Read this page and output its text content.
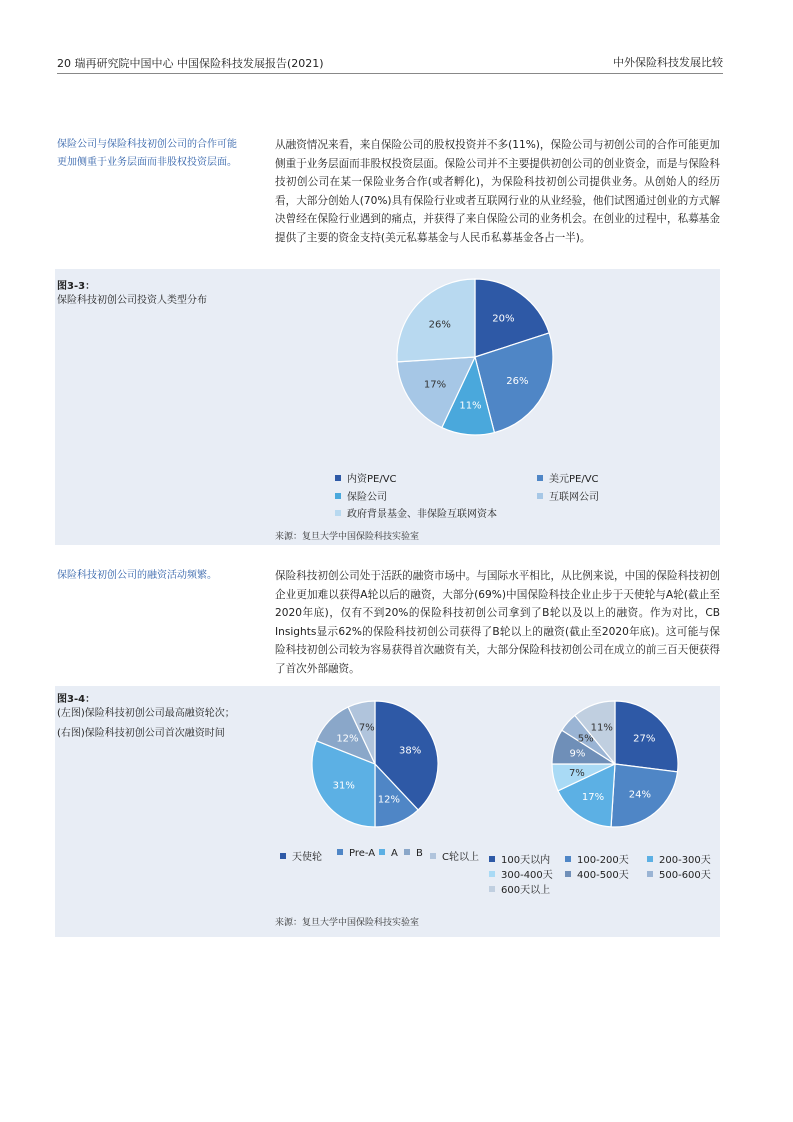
20 瑞再研究院中国中心 中国保险科技发展报告(2021)	中外保险科技发展比较
保险公司与保险科技初创公司的合作可能更加侧重于业务层面而非股权投资层面。
从融资情况来看，来自保险公司的股权投资并不多(11%)，保险公司与初创公司的合作可能更加侧重于业务层面而非股权投资层面。保险公司并不主要提供初创公司的创业资金，而是与保险科技初创公司在某一保险业务合作(或者孵化)，为保险科技初创公司提供业务。从创始人的经历看，大部分创始人(70%)具有保险行业或者互联网行业的从业经验，他们试图通过创业的方式解决曾经在保险行业遇到的痛点，并获得了来自保险公司的业务机会。在创业的过程中，私募基金提供了主要的资金支持(美元私募基金与人民币私募基金各占一半)。
图3-3：
保险科技初创公司投资人类型分布
20%
26%
11%
17%
26%
内资PE/VC	美元PE/VC
保险公司	互联网公司
政府背景基金、非保险互联网资本
来源：复旦大学中国保险科技实验室
保险科技初创公司的融资活动频繁。	保险科技初创公司处于活跃的融资市场中。与国际水平相比，从比例来说，中国的保险科技初创企业更加难以获得A轮以后的融资，大部分(69%)中国保险科技企业止步于天使轮与A轮(截止至2020年底)，仅有不到20%的保险科技初创公司拿到了B轮以及以上的融资。作为对比，CB Insights显示62%的保险科技初创公司获得了B轮以上的融资(截止至2020年底)。这可能与保险科技初创公司较为容易获得首次融资有关，大部分保险科技初创公司在成立的前三百天便获得了首次外部融资。
图3-4：
(左图)保险科技初创公司最高融资轮次；(右图)保险科技初创公司首次融资时间
38%
12%
31%
12%
7%
27%
24%
17%
7%
9%
5%
11%
天使轮	Pre-A	A	B	C轮以上	100天以内	100-200天	200-300天
300-400天	400-500天	500-600天
600天以上
来源：复旦大学中国保险科技实验室
